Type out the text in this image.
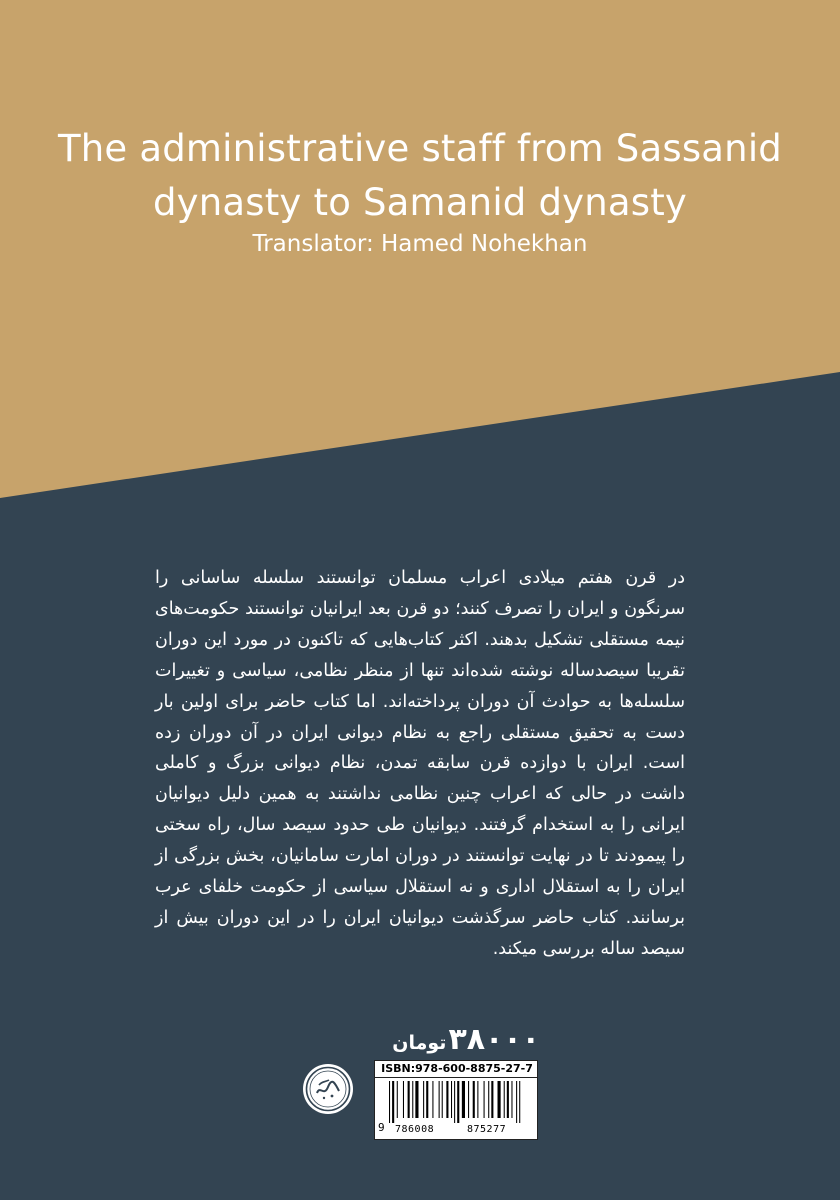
The administrative staff from Sassanid
dynasty to Samanid dynasty
Translator: Hamed Nohekhan

در قرن هفتم میلادی اعراب مسلمان توانستند سلسله ساسانی را سرنگون و ایران را تصرف کنند؛ دو قرن بعد ایرانیان توانستند حکومت‌های نیمه مستقلی تشکیل بدهند. اکثر کتاب‌هایی که تاکنون در مورد این دوران تقریبا سیصدساله نوشته شده‌اند تنها از منظر نظامی، سیاسی و تغییرات سلسله‌ها به حوادث آن دوران پرداخته‌اند. اما کتاب حاضر برای اولین بار دست به تحقیق مستقلی راجع به نظام دیوانی ایران در آن دوران زده است. ایران با دوازده قرن سابقه تمدن، نظام دیوانی بزرگ و کاملی داشت در حالی که اعراب چنین نظامی نداشتند به همین دلیل دیوانیان ایرانی را به استخدام گرفتند. دیوانیان طی حدود سیصد سال، راه سختی را پیمودند تا در نهایت توانستند در دوران امارت سامانیان، بخش بزرگی از ایران را به استقلال اداری و نه استقلال سیاسی از حکومت خلفای عرب برسانند. کتاب حاضر سرگذشت دیوانیان ایران را در این دوران بیش از سیصد ساله بررسی میکند.

۳۸۰۰۰تومان
ISBN:978-600-8875-27-7
9 786008	875277
